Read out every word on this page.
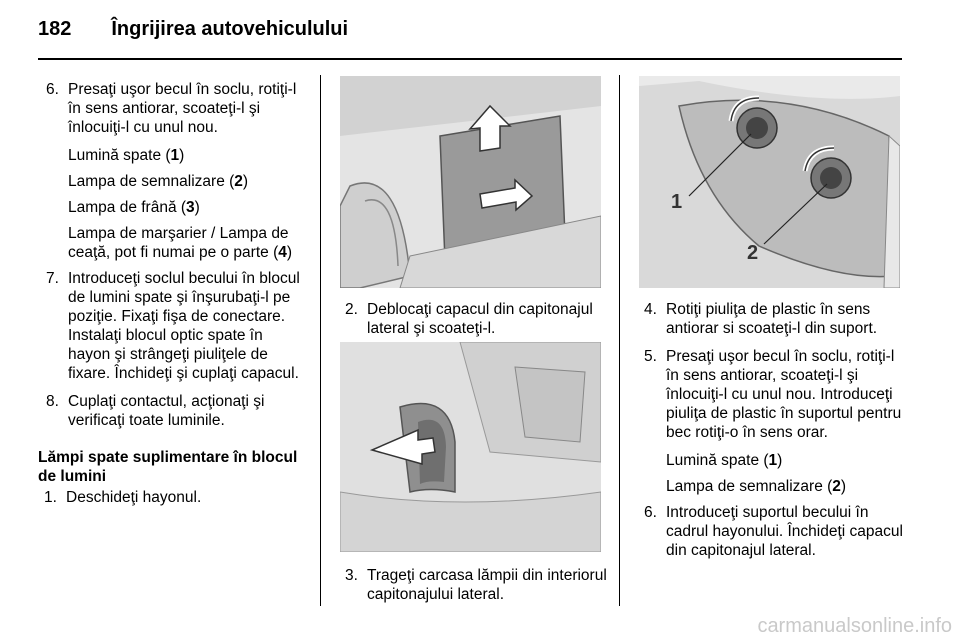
182 Îngrijirea autovehiculului
6. Presaţi uşor becul în soclu, rotiţi-l în sens antiorar, scoateţi-l şi înlocuiţi-l cu unul nou.
Lumină spate (1)
Lampa de semnalizare (2)
Lampa de frână (3)
Lampa de marşarier / Lampa de ceaţă, pot fi numai pe o parte (4)
7. Introduceţi soclul becului în blocul de lumini spate şi înşurubaţi-l pe poziţie. Fixaţi fişa de conectare. Instalaţi blocul optic spate în hayon şi strângeţi piuliţele de fixare. Închideţi şi cuplaţi capacul.
8. Cuplaţi contactul, acţionaţi şi verificaţi toate luminile.
Lămpi spate suplimentare în blocul de lumini
1. Deschideţi hayonul.
2. Deblocaţi capacul din capitonajul lateral şi scoateţi-l.
3. Trageţi carcasa lămpii din interiorul capitonajului lateral.
1
2
4. Rotiţi piuliţa de plastic în sens antiorar si scoateţi-l din suport.
5. Presaţi uşor becul în soclu, rotiţi-l în sens antiorar, scoateţi-l şi înlocuiţi-l cu unul nou. Introduceţi piuliţa de plastic în suportul pentru bec rotiţi-o în sens orar.
Lumină spate (1)
Lampa de semnalizare (2)
6. Introduceţi suportul becului în cadrul hayonului. Închideţi capacul din capitonajul lateral.
carmanualsonline.info
